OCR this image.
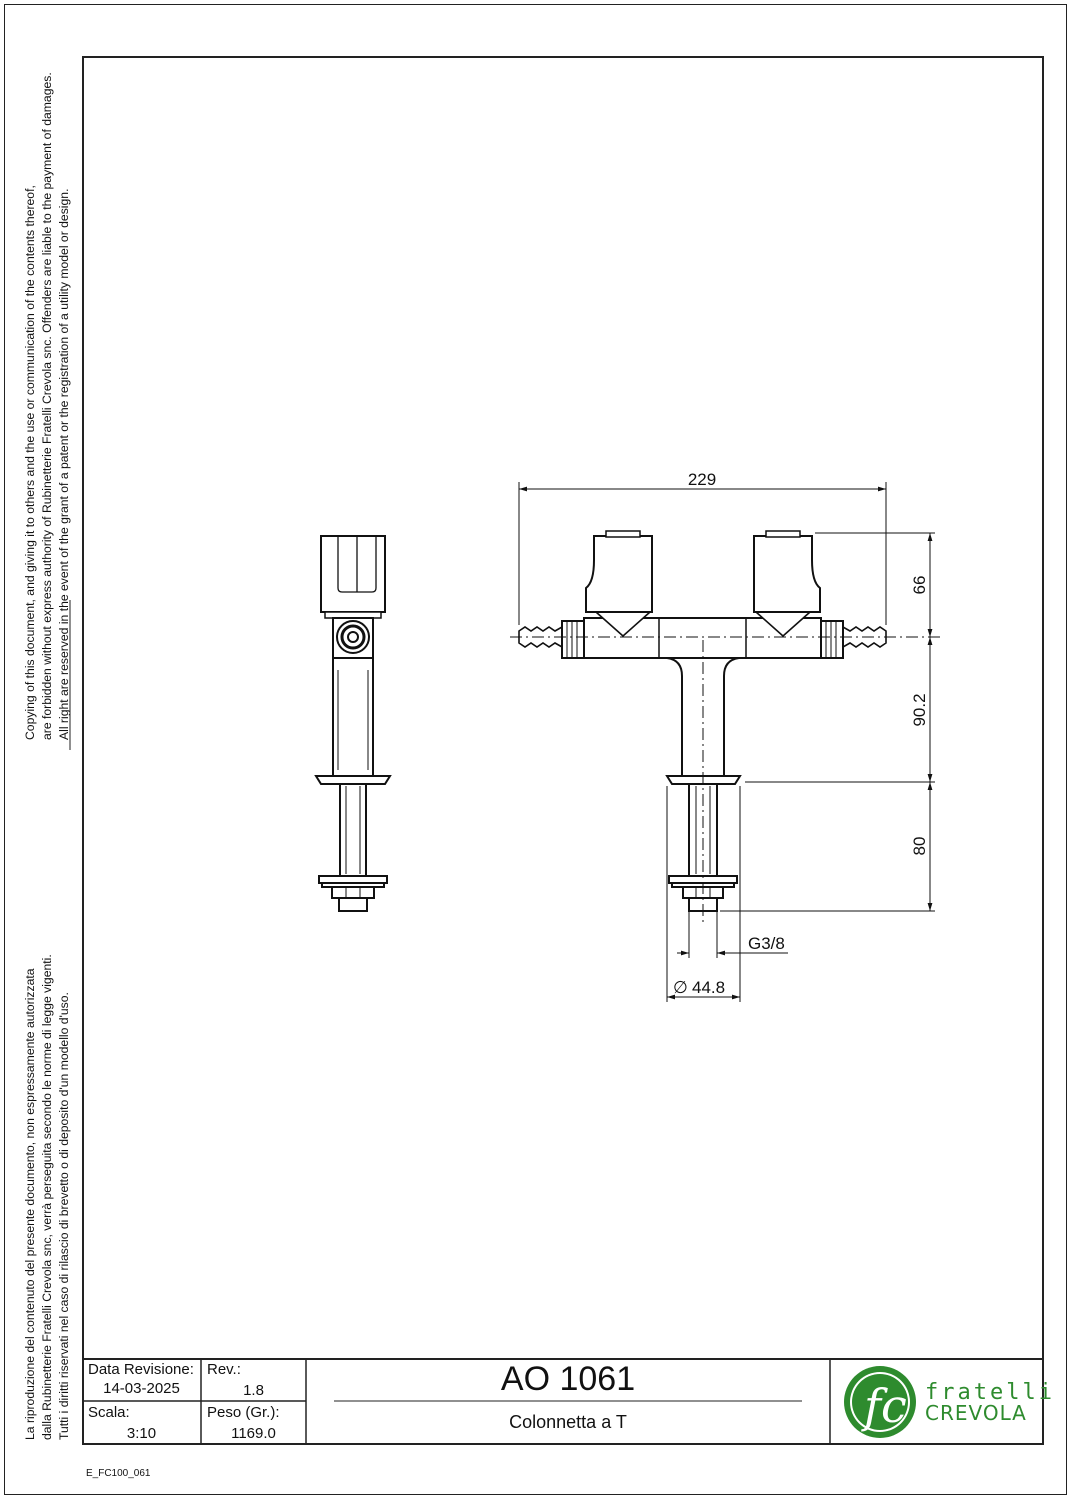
Copying of this document, and giving it to others and the use or communication of the contents thereof, are forbidden without express authority of Rubinetterie Fratelli Crevola snc. Offenders are liable to the payment of damages. All right are reserved in the event of the grant of a patent or the registration of a utility model or design.
La riproduzione del contenuto del presente documento, non espressamente autorizzata dalla Rubinetterie Fratelli Crevola snc, verrà perseguita secondo le norme di legge vigenti. Tutti i diritti riservati nel caso di rilascio di brevetto o di deposito d'un modello d'uso.
229
66
90.2
80
G3/8
∅ 44.8
Data Revisione:
14-03-2025
Rev.:
1.8
Scala:
3:10
Peso (Gr.):
1169.0
AO 1061
Colonnetta a T	fc fratelli
CREVOLA
E_FC100_061
